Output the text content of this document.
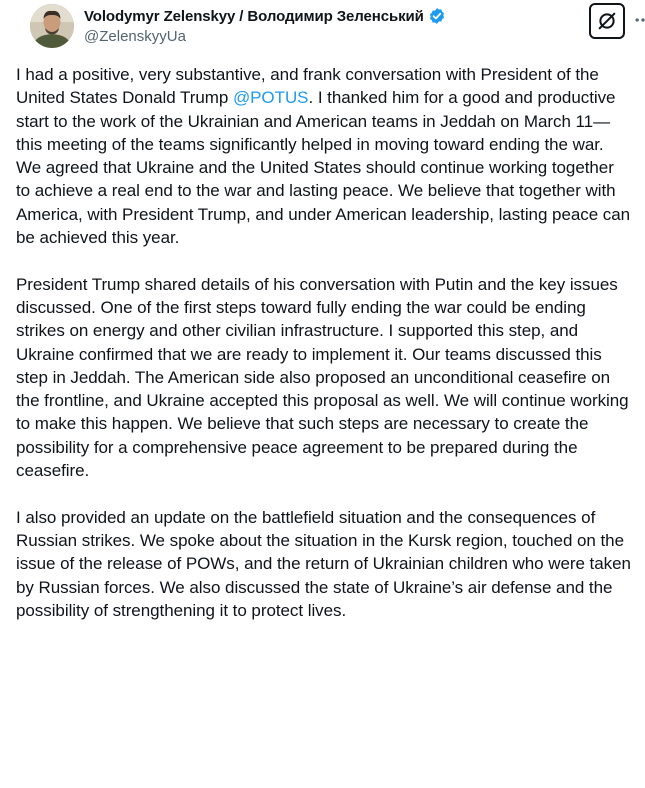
Volodymyr Zelenskyy / Володимир Зеленський
@ZelenskyyUa

I had a positive, very substantive, and frank conversation with President of the United States Donald Trump @POTUS. I thanked him for a good and productive start to the work of the Ukrainian and American teams in Jeddah on March 11—this meeting of the teams significantly helped in moving toward ending the war. We agreed that Ukraine and the United States should continue working together to achieve a real end to the war and lasting peace. We believe that together with America, with President Trump, and under American leadership, lasting peace can be achieved this year.

President Trump shared details of his conversation with Putin and the key issues discussed. One of the first steps toward fully ending the war could be ending strikes on energy and other civilian infrastructure. I supported this step, and Ukraine confirmed that we are ready to implement it. Our teams discussed this step in Jeddah. The American side also proposed an unconditional ceasefire on the frontline, and Ukraine accepted this proposal as well. We will continue working to make this happen. We believe that such steps are necessary to create the possibility for a comprehensive peace agreement to be prepared during the ceasefire.

I also provided an update on the battlefield situation and the consequences of Russian strikes. We spoke about the situation in the Kursk region, touched on the issue of the release of POWs, and the return of Ukrainian children who were taken by Russian forces. We also discussed the state of Ukraine’s air defense and the possibility of strengthening it to protect lives.
